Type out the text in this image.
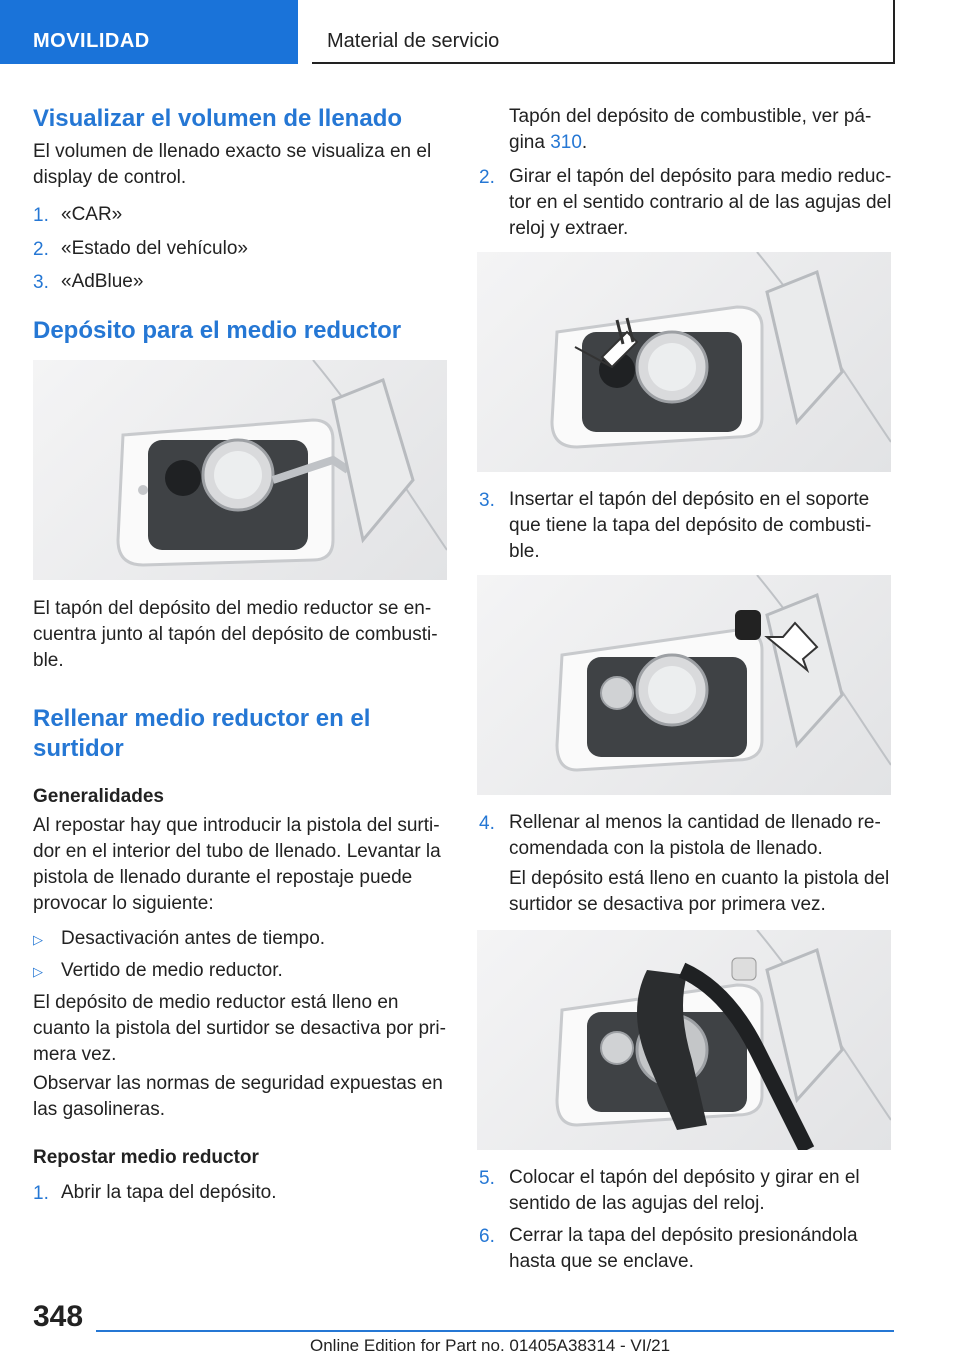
MOVILIDAD	Material de servicio
Visualizar el volumen de llenado
El volumen de llenado exacto se visualiza en el
display de control.
1. «CAR»
2. «Estado del vehículo»
3. «AdBlue»
Depósito para el medio reductor
El tapón del depósito del medio reductor se en-
cuentra junto al tapón del depósito de combusti-
ble.
Rellenar medio reductor en el
surtidor
Generalidades
Al repostar hay que introducir la pistola del surti-
dor en el interior del tubo de llenado. Levantar la
pistola de llenado durante el repostaje puede
provocar lo siguiente:
▷ Desactivación antes de tiempo.
▷ Vertido de medio reductor.
El depósito de medio reductor está lleno en
cuanto la pistola del surtidor se desactiva por pri-
mera vez.
Observar las normas de seguridad expuestas en
las gasolineras.
Repostar medio reductor
1. Abrir la tapa del depósito.
Tapón del depósito de combustible, ver pá-
gina 310.
2. Girar el tapón del depósito para medio reduc-
tor en el sentido contrario al de las agujas del
reloj y extraer.
3. Insertar el tapón del depósito en el soporte
que tiene la tapa del depósito de combusti-
ble.
4. Rellenar al menos la cantidad de llenado re-
comendada con la pistola de llenado.
El depósito está lleno en cuanto la pistola del
surtidor se desactiva por primera vez.
5. Colocar el tapón del depósito y girar en el
sentido de las agujas del reloj.
6. Cerrar la tapa del depósito presionándola
hasta que se enclave.
348
Online Edition for Part no. 01405A38314 - VI/21
